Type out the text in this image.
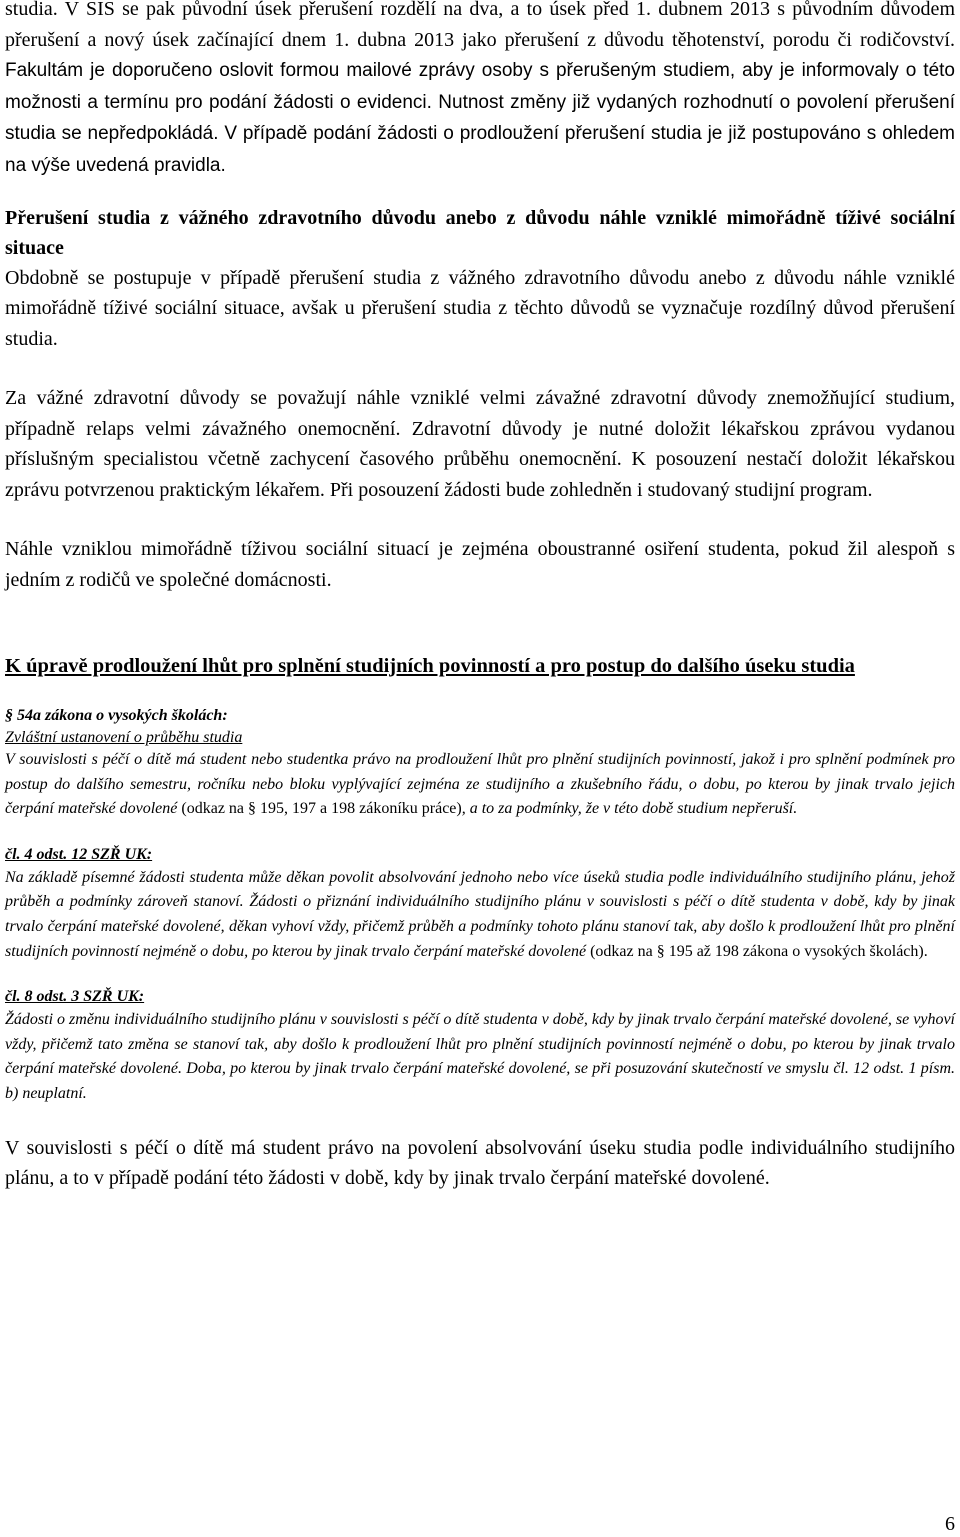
studia. V SIS se pak původní úsek přerušení rozdělí na dva, a to úsek před 1. dubnem 2013 s původním důvodem přerušení a nový úsek začínající dnem 1. dubna 2013 jako přerušení z důvodu těhotenství, porodu či rodičovství. Fakultám je doporučeno oslovit formou mailové zprávy osoby s přerušeným studiem, aby je informovaly o této možnosti a termínu pro podání žádosti o evidenci. Nutnost změny již vydaných rozhodnutí o povolení přerušení studia se nepředpokládá. V případě podání žádosti o prodloužení přerušení studia je již postupováno s ohledem na výše uvedená pravidla.

Přerušení studia z vážného zdravotního důvodu anebo z důvodu náhle vzniklé mimořádně tíživé sociální situace

Obdobně se postupuje v případě přerušení studia z vážného zdravotního důvodu anebo z důvodu náhle vzniklé mimořádně tíživé sociální situace, avšak u přerušení studia z těchto důvodů se vyznačuje rozdílný důvod přerušení studia.

Za vážné zdravotní důvody se považují náhle vzniklé velmi závažné zdravotní důvody znemožňující studium, případně relaps velmi závažného onemocnění. Zdravotní důvody je nutné doložit lékařskou zprávou vydanou příslušným specialistou včetně zachycení časového průběhu onemocnění. K posouzení nestačí doložit lékařskou zprávu potvrzenou praktickým lékařem. Při posouzení žádosti bude zohledněn i studovaný studijní program.

Náhle vzniklou mimořádně tíživou sociální situací je zejména oboustranné osiření studenta, pokud žil alespoň s jedním z rodičů ve společné domácnosti.

K úpravě prodloužení lhůt pro splnění studijních povinností a pro postup do dalšího úseku studia

§ 54a zákona o vysokých školách:

Zvláštní ustanovení o průběhu studia

V souvislosti s péčí o dítě má student nebo studentka právo na prodloužení lhůt pro plnění studijních povinností, jakož i pro splnění podmínek pro postup do dalšího semestru, ročníku nebo bloku vyplývající zejména ze studijního a zkušebního řádu, o dobu, po kterou by jinak trvalo jejich čerpání mateřské dovolené (odkaz na § 195, 197 a 198 zákoníku práce), a to za podmínky, že v této době studium nepřeruší.

čl. 4 odst. 12 SZŘ UK:

Na základě písemné žádosti studenta může děkan povolit absolvování jednoho nebo více úseků studia podle individuálního studijního plánu, jehož průběh a podmínky zároveň stanoví. Žádosti o přiznání individuálního studijního plánu v souvislosti s péčí o dítě studenta v době, kdy by jinak trvalo čerpání mateřské dovolené, děkan vyhoví vždy, přičemž průběh a podmínky tohoto plánu stanoví tak, aby došlo k prodloužení lhůt pro plnění studijních povinností nejméně o dobu, po kterou by jinak trvalo čerpání mateřské dovolené (odkaz na § 195 až 198 zákona o vysokých školách).

čl. 8 odst. 3 SZŘ UK:

Žádosti o změnu individuálního studijního plánu v souvislosti s péčí o dítě studenta v době, kdy by jinak trvalo čerpání mateřské dovolené, se vyhoví vždy, přičemž tato změna se stanoví tak, aby došlo k prodloužení lhůt pro plnění studijních povinností nejméně o dobu, po kterou by jinak trvalo čerpání mateřské dovolené. Doba, po kterou by jinak trvalo čerpání mateřské dovolené, se při posuzování skutečností ve smyslu čl. 12 odst. 1 písm. b) neuplatní.

V souvislosti s péčí o dítě má student právo na povolení absolvování úseku studia podle individuálního studijního plánu, a to v případě podání této žádosti v době, kdy by jinak trvalo čerpání mateřské dovolené.

6
